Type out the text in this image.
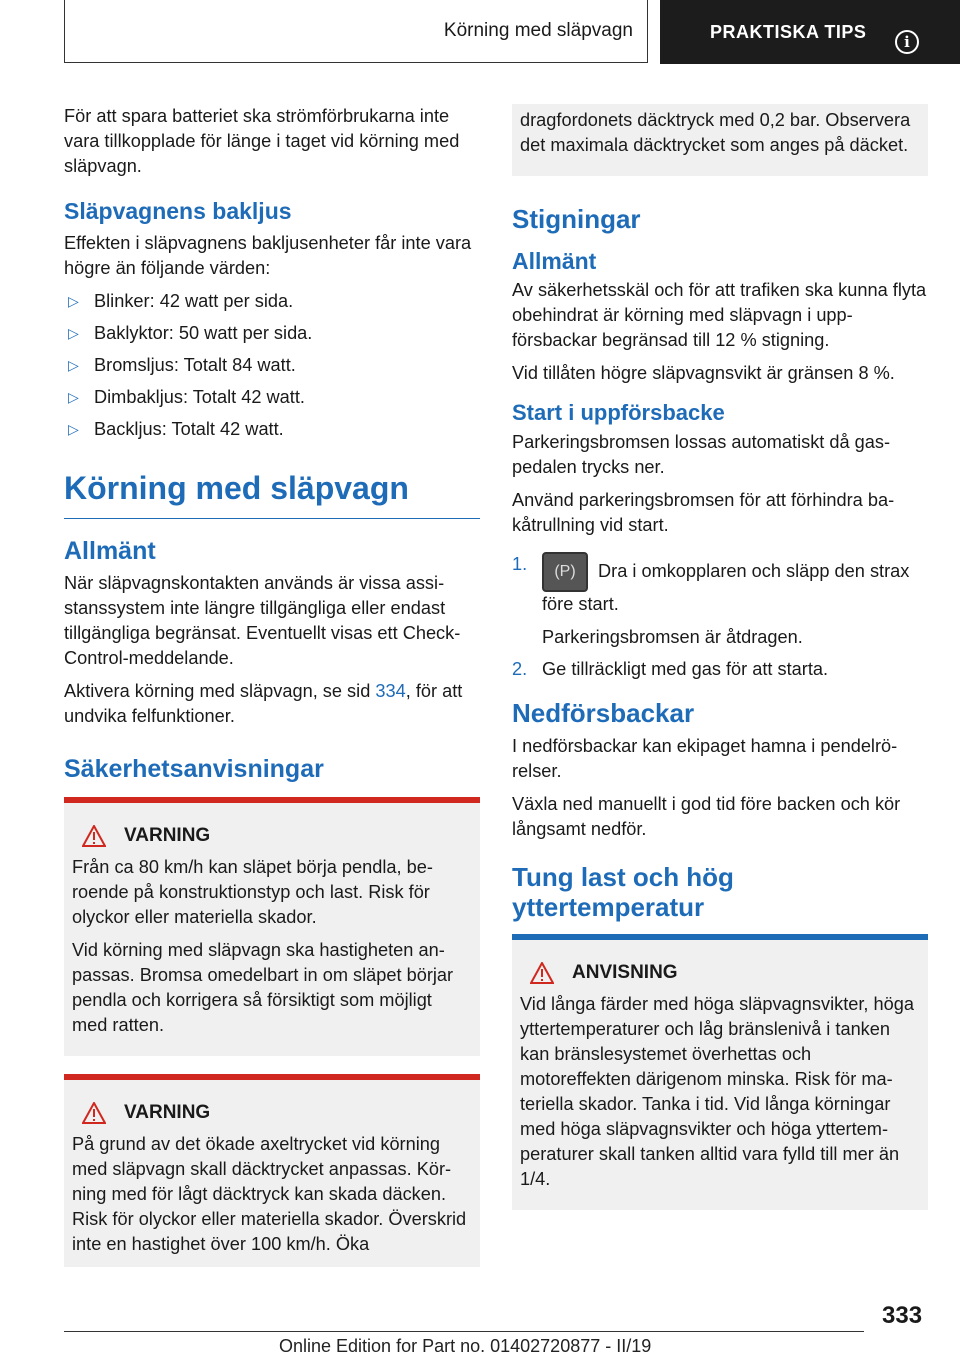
Körning med släpvagn	PRAKTISKA TIPS
i

För att spara batteriet ska strömförbrukarna inte vara tillkopplade för länge i taget vid körning med släpvagn.

Släpvagnens bakljus

Effekten i släpvagnens bakljusenheter får inte vara högre än följande värden:

▷ Blinker: 42 watt per sida.
▷ Baklyktor: 50 watt per sida.
▷ Bromsljus: Totalt 84 watt.
▷ Dimbakljus: Totalt 42 watt.
▷ Backljus: Totalt 42 watt.
Körning med släpvagn
Allmänt

När släpvagnskontakten används är vissa assistanssystem inte längre tillgängliga eller endast tillgängliga begränsat. Eventuellt visas ett Check-Control-meddelande.

Aktivera körning med släpvagn, se sid 334, för att undvika felfunktioner.

Säkerhetsanvisningar
VARNING

Från ca 80 km/h kan släpet börja pendla, beroende på konstruktionstyp och last. Risk för olyckor eller materiella skador.

Vid körning med släpvagn ska hastigheten anpassas. Bromsa omedelbart in om släpet börjar pendla och korrigera så försiktigt som möjligt med ratten.

VARNING

På grund av det ökade axeltrycket vid körning med släpvagn skall däcktrycket anpassas. Körning med för lågt däcktryck kan skada däcken. Risk för olyckor eller materiella skador. Överskrid inte en hastighet över 100 km/h. Öka

dragfordonets däcktryck med 0,2 bar. Observera det maximala däcktrycket som anges på däcket.

Stigningar
Allmänt

Av säkerhetsskäl och för att trafiken ska kunna flyta obehindrat är körning med släpvagn i uppförsbackar begränsad till 12 % stigning.

Vid tillåten högre släpvagnsvikt är gränsen 8 %.

Start i uppförsbacke

Parkeringsbromsen lossas automatiskt då gaspedalen trycks ner.

Använd parkeringsbromsen för att förhindra bakåtrullning vid start.

1. (P) Dra i omkopplaren och släpp den strax före start.
Parkeringsbromsen är åtdragen.
2. Ge tillräckligt med gas för att starta.
Nedförsbackar

I nedförsbackar kan ekipaget hamna i pendelrörelser.

Växla ned manuellt i god tid före backen och kör långsamt nedför.

Tung last och hög
yttertemperatur
ANVISNING

Vid långa färder med höga släpvagnsvikter, höga yttertemperaturer och låg bränslenivå i tanken kan bränslesystemet överhettas och motoreffekten därigenom minska. Risk för materiella skador. Tanka i tid. Vid långa körningar med höga släpvagnsvikter och höga yttertemperaturer skall tanken alltid vara fylld till mer än 1/4.

333
Online Edition for Part no. 01402720877 - II/19
